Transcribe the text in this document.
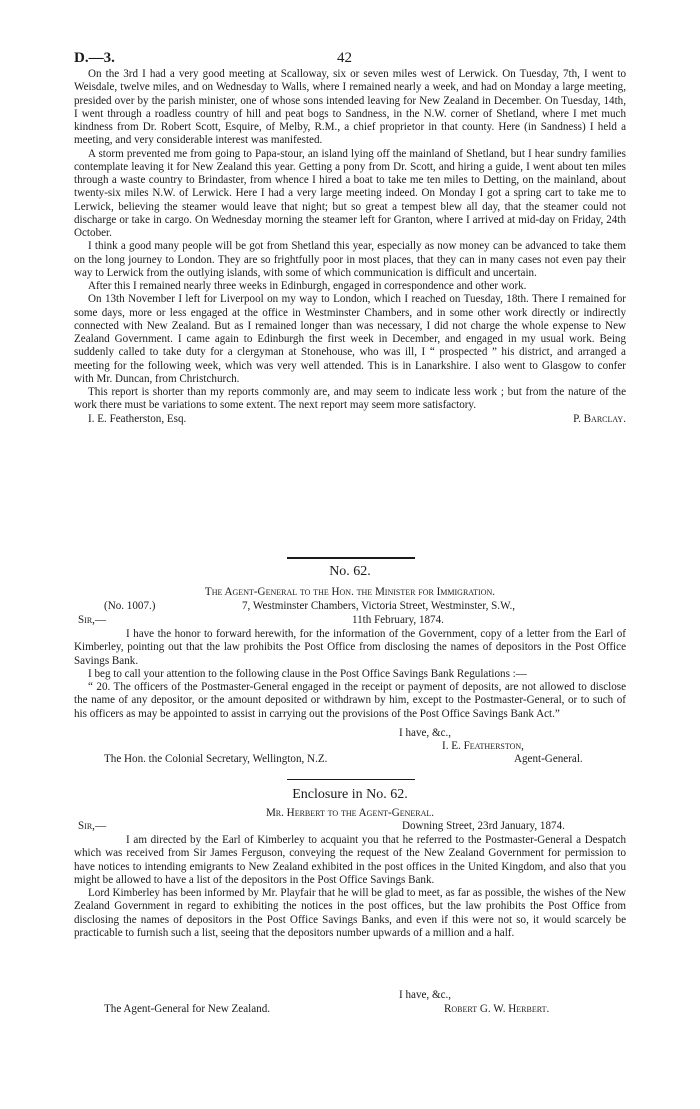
D.—3.	42

On the 3rd I had a very good meeting at Scalloway, six or seven miles west of Lerwick. On Tuesday, 7th, I went to Weisdale, twelve miles, and on Wednesday to Walls, where I remained nearly a week, and had on Monday a large meeting, presided over by the parish minister, one of whose sons intended leaving for New Zealand in December. On Tuesday, 14th, I went through a roadless country of hill and peat bogs to Sandness, in the N.W. corner of Shetland, where I met much kindness from Dr. Robert Scott, Esquire, of Melby, R.M., a chief proprietor in that county. Here (in Sandness) I held a meeting, and very considerable interest was manifested.

A storm prevented me from going to Papa-stour, an island lying off the mainland of Shetland, but I hear sundry families contemplate leaving it for New Zealand this year. Getting a pony from Dr. Scott, and hiring a guide, I went about ten miles through a waste country to Brindaster, from whence I hired a boat to take me ten miles to Detting, on the mainland, about twenty-six miles N.W. of Lerwick. Here I had a very large meeting indeed. On Monday I got a spring cart to take me to Lerwick, believing the steamer would leave that night; but so great a tempest blew all day, that the steamer could not discharge or take in cargo. On Wednesday morning the steamer left for Granton, where I arrived at mid-day on Friday, 24th October.

I think a good many people will be got from Shetland this year, especially as now money can be advanced to take them on the long journey to London. They are so frightfully poor in most places, that they can in many cases not even pay their way to Lerwick from the outlying islands, with some of which communication is difficult and uncertain.

After this I remained nearly three weeks in Edinburgh, engaged in correspondence and other work.

On 13th November I left for Liverpool on my way to London, which I reached on Tuesday, 18th. There I remained for some days, more or less engaged at the office in Westminster Chambers, and in some other work directly or indirectly connected with New Zealand. But as I remained longer than was necessary, I did not charge the whole expense to New Zealand Government. I came again to Edinburgh the first week in December, and engaged in my usual work. Being suddenly called to take duty for a clergyman at Stonehouse, who was ill, I “ prospected ” his district, and arranged a meeting for the following week, which was very well attended. This is in Lanarkshire. I also went to Glasgow to confer with Mr. Duncan, from Christchurch.

This report is shorter than my reports commonly are, and may seem to indicate less work ; but from the nature of the work there must be variations to some extent. The next report may seem more satisfactory.

I. E. Featherston, Esq.	P. Barclay.
No. 62.
The Agent-General to the Hon. the Minister for Immigration.
(No. 1007.)	7, Westminster Chambers, Victoria Street, Westminster, S.W.,
Sir,—	11th February, 1874.

I have the honor to forward herewith, for the information of the Government, copy of a letter from the Earl of Kimberley, pointing out that the law prohibits the Post Office from disclosing the names of depositors in the Post Office Savings Bank.

I beg to call your attention to the following clause in the Post Office Savings Bank Regulations :—

“ 20. The officers of the Postmaster-General engaged in the receipt or payment of deposits, are not allowed to disclose the name of any depositor, or the amount deposited or withdrawn by him, except to the Postmaster-General, or to such of his officers as may be appointed to assist in carrying out the provisions of the Post Office Savings Bank Act.”

I have, &c.,
I. E. Featherston,
The Hon. the Colonial Secretary, Wellington, N.Z.	Agent-General.
Enclosure in No. 62.
Mr. Herbert to the Agent-General.
Sir,—	Downing Street, 23rd January, 1874.

I am directed by the Earl of Kimberley to acquaint you that he referred to the Postmaster-General a Despatch which was received from Sir James Ferguson, conveying the request of the New Zealand Government for permission to have notices to intending emigrants to New Zealand exhibited in the post offices in the United Kingdom, and also that you might be allowed to have a list of the depositors in the Post Office Savings Bank.

Lord Kimberley has been informed by Mr. Playfair that he will be glad to meet, as far as possible, the wishes of the New Zealand Government in regard to exhibiting the notices in the post offices, but the law prohibits the Post Office from disclosing the names of depositors in the Post Office Savings Banks, and even if this were not so, it would scarcely be practicable to furnish such a list, seeing that the depositors number upwards of a million and a half.

I have, &c.,
The Agent-General for New Zealand.	Robert G. W. Herbert.
